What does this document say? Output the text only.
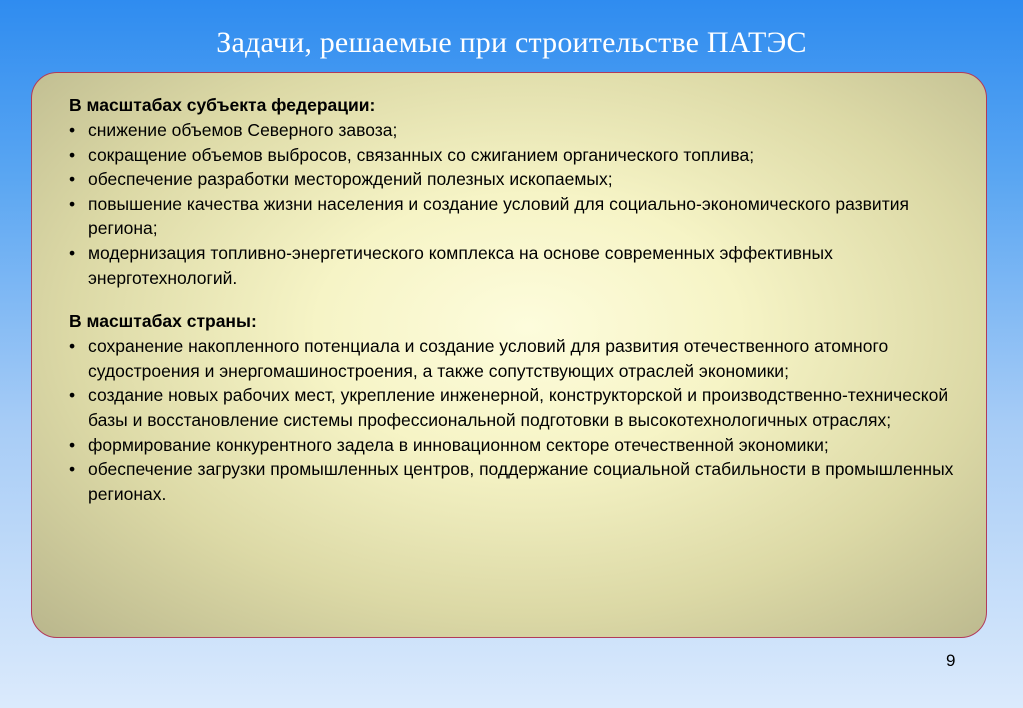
Задачи, решаемые при строительстве ПАТЭС

В масштабах субъекта федерации:

• снижение объемов Северного завоза;
• сокращение объемов выбросов, связанных со сжиганием органического топлива;
• обеспечение разработки месторождений полезных ископаемых;
• повышение качества жизни населения и создание условий для социально-экономического развития региона;
• модернизация топливно-энергетического комплекса на основе современных эффективных энерготехнологий.

В масштабах страны:

• сохранение накопленного потенциала и создание условий для развития отечественного атомного судостроения и энергомашиностроения, а также сопутствующих отраслей экономики;
• создание новых рабочих мест, укрепление инженерной, конструкторской и производственно-технической базы и восстановление системы профессиональной подготовки в высокотехнологичных отраслях;
• формирование конкурентного задела в инновационном секторе отечественной экономики;
• обеспечение загрузки промышленных центров, поддержание социальной стабильности в промышленных регионах.
9
